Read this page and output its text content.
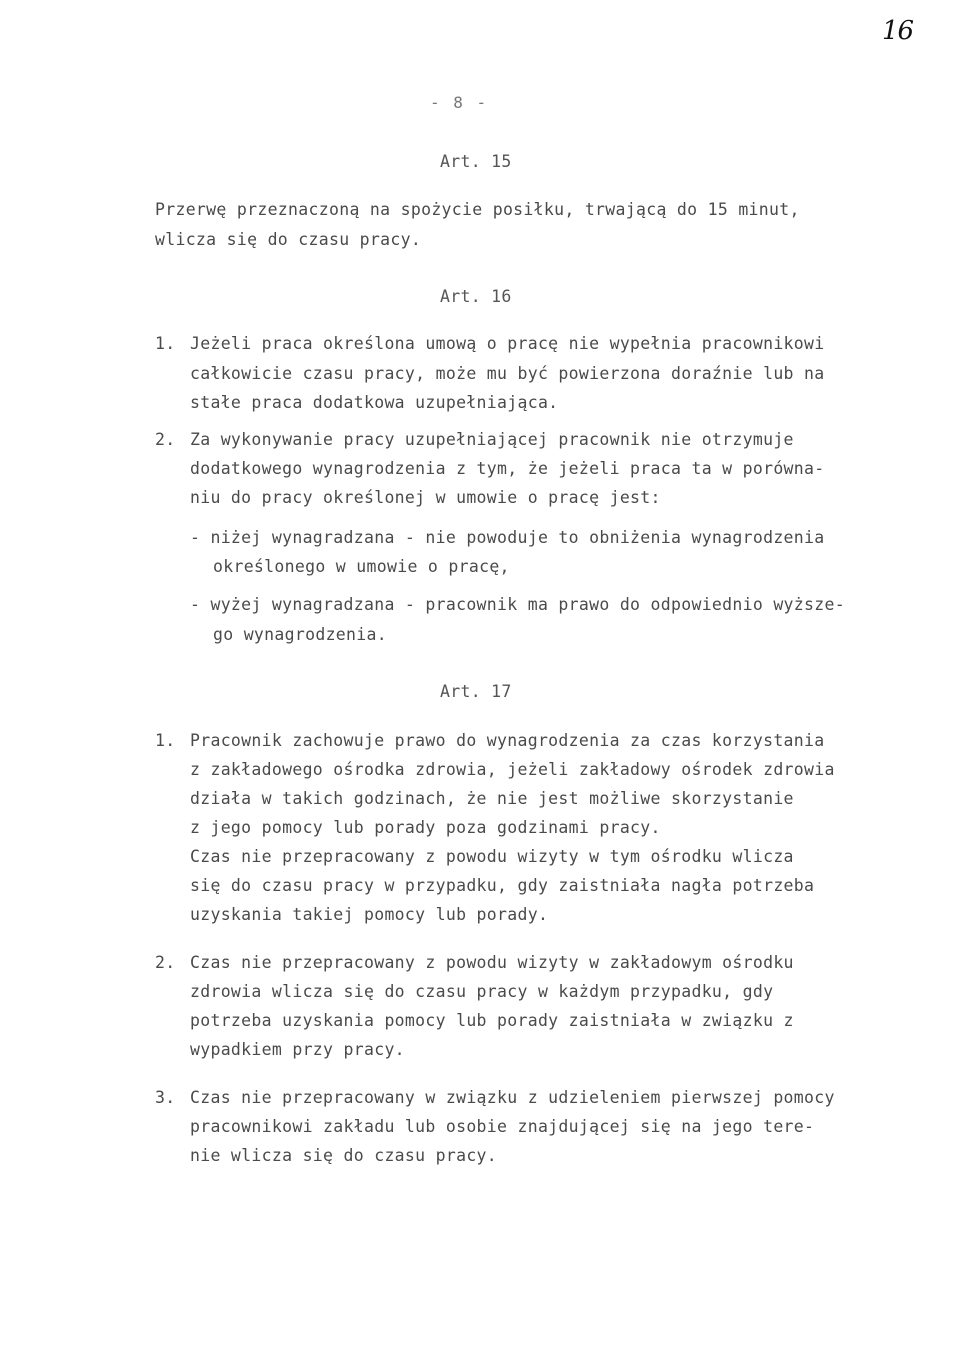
16
- 8 -
Art. 15
Przerwę przeznaczoną na spożycie posiłku, trwającą do 15 minut,
wlicza się do czasu pracy.
Art. 16
1. Jeżeli praca określona umową o pracę nie wypełnia pracownikowi
całkowicie czasu pracy, może mu być powierzona doraźnie lub na
stałe praca dodatkowa uzupełniająca.
2. Za wykonywanie pracy uzupełniającej pracownik nie otrzymuje
dodatkowego wynagrodzenia z tym, że jeżeli praca ta w porówna-
niu do pracy określonej w umowie o pracę jest:
- niżej wynagradzana - nie powoduje to obniżenia wynagrodzenia
określonego w umowie o pracę,
- wyżej wynagradzana - pracownik ma prawo do odpowiednio wyższe-
go wynagrodzenia.
Art. 17
1. Pracownik zachowuje prawo do wynagrodzenia za czas korzystania
z zakładowego ośrodka zdrowia, jeżeli zakładowy ośrodek zdrowia
działa w takich godzinach, że nie jest możliwe skorzystanie
z jego pomocy lub porady poza godzinami pracy.
Czas nie przepracowany z powodu wizyty w tym ośrodku wlicza
się do czasu pracy w przypadku, gdy zaistniała nagła potrzeba
uzyskania takiej pomocy lub porady.
2. Czas nie przepracowany z powodu wizyty w zakładowym ośrodku
zdrowia wlicza się do czasu pracy w każdym przypadku, gdy
potrzeba uzyskania pomocy lub porady zaistniała w związku z
wypadkiem przy pracy.
3. Czas nie przepracowany w związku z udzieleniem pierwszej pomocy
pracownikowi zakładu lub osobie znajdującej się na jego tere-
nie wlicza się do czasu pracy.
